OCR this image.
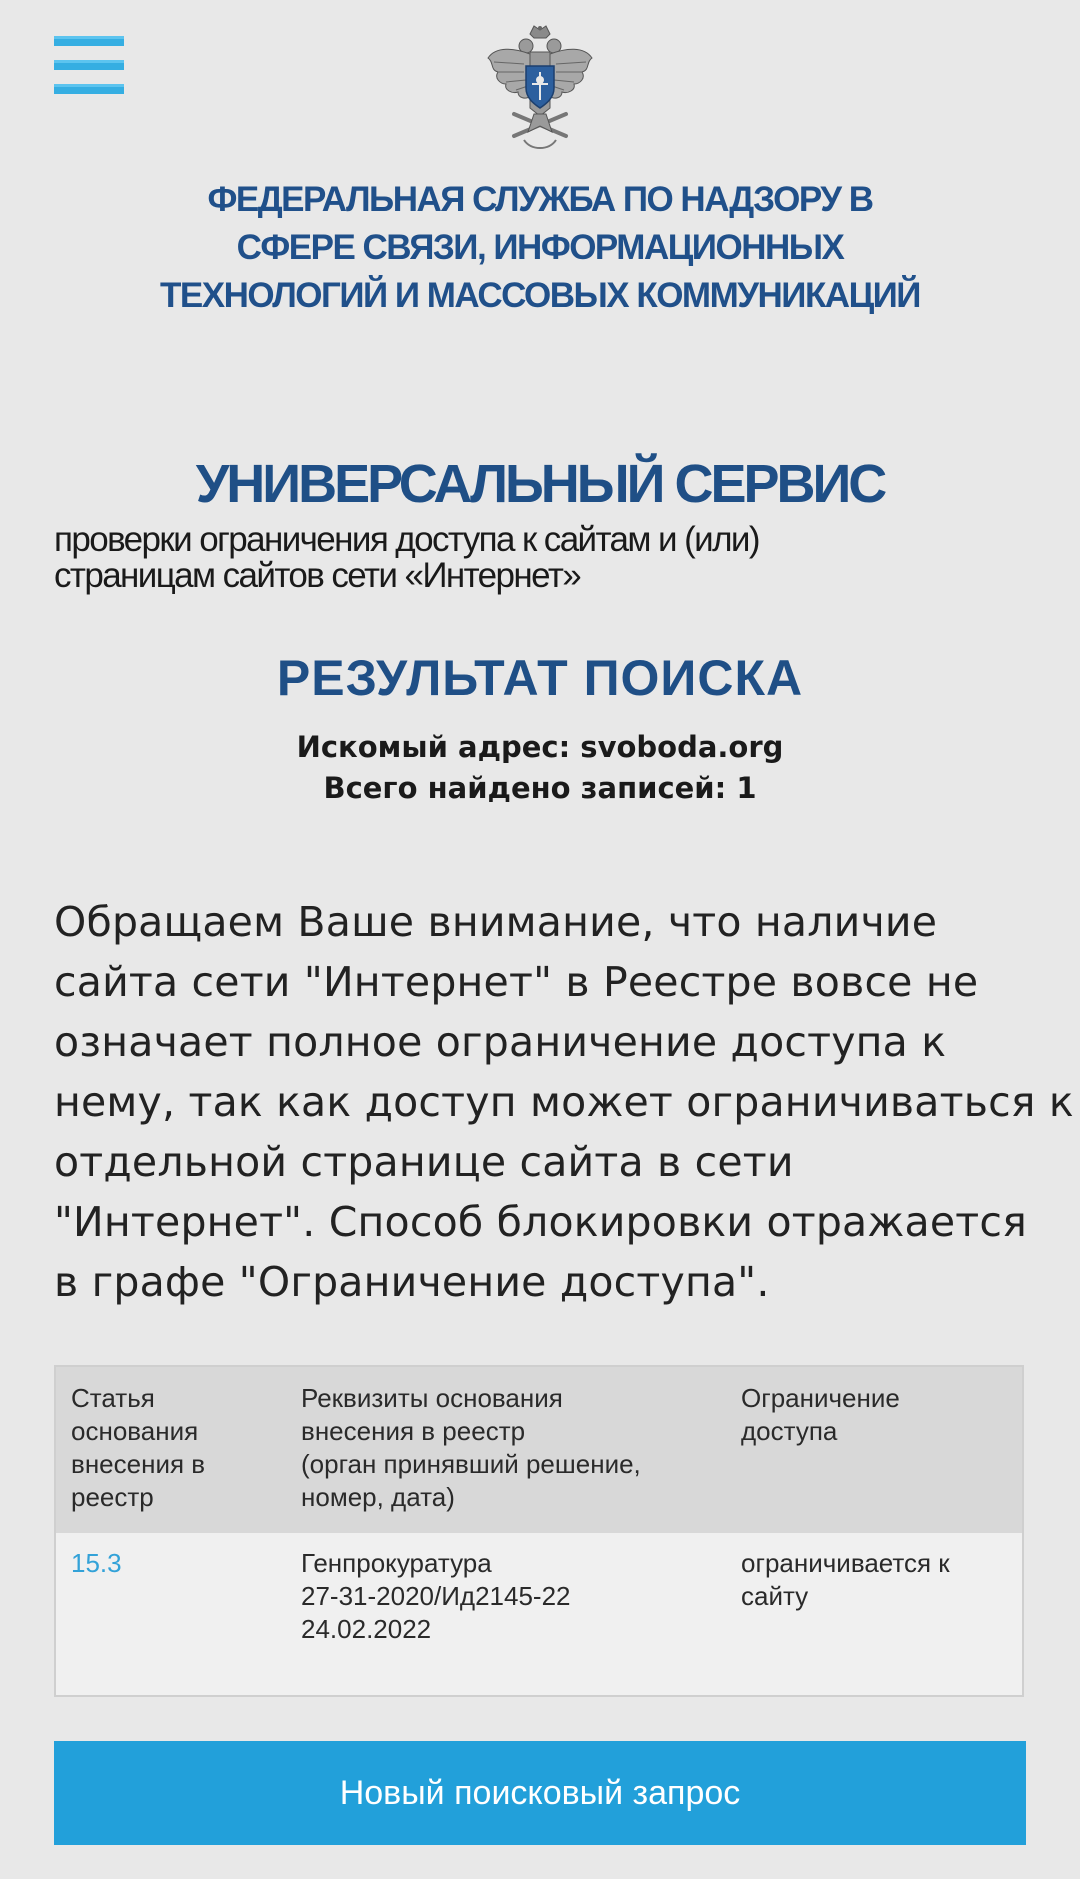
ФЕДЕРАЛЬНАЯ СЛУЖБА ПО НАДЗОРУ В
СФЕРЕ СВЯЗИ, ИНФОРМАЦИОННЫХ
ТЕХНОЛОГИЙ И МАССОВЫХ КОММУНИКАЦИЙ
УНИВЕРСАЛЬНЫЙ СЕРВИС
проверки ограничения доступа к сайтам и (или)
страницам сайтов сети «Интернет»
РЕЗУЛЬТАТ ПОИСКА
Искомый адрес: svoboda.org
Всего найдено записей: 1
Обращаем Ваше внимание, что наличие
сайта сети "Интернет" в Реестре вовсе не
означает полное ограничение доступа к
нему, так как доступ может ограничиваться к
отдельной странице сайта в сети
"Интернет". Способ блокировки отражается
в графе "Ограничение доступа".
Статья
основания
внесения в
реестр
Реквизиты основания
внесения в реестр
(орган принявший решение,
номер, дата)
Ограничение
доступа
15.3	Генпрокуратура
27-31-2020/Ид2145-22
24.02.2022
ограничивается к
сайту
Новый поисковый запрос
